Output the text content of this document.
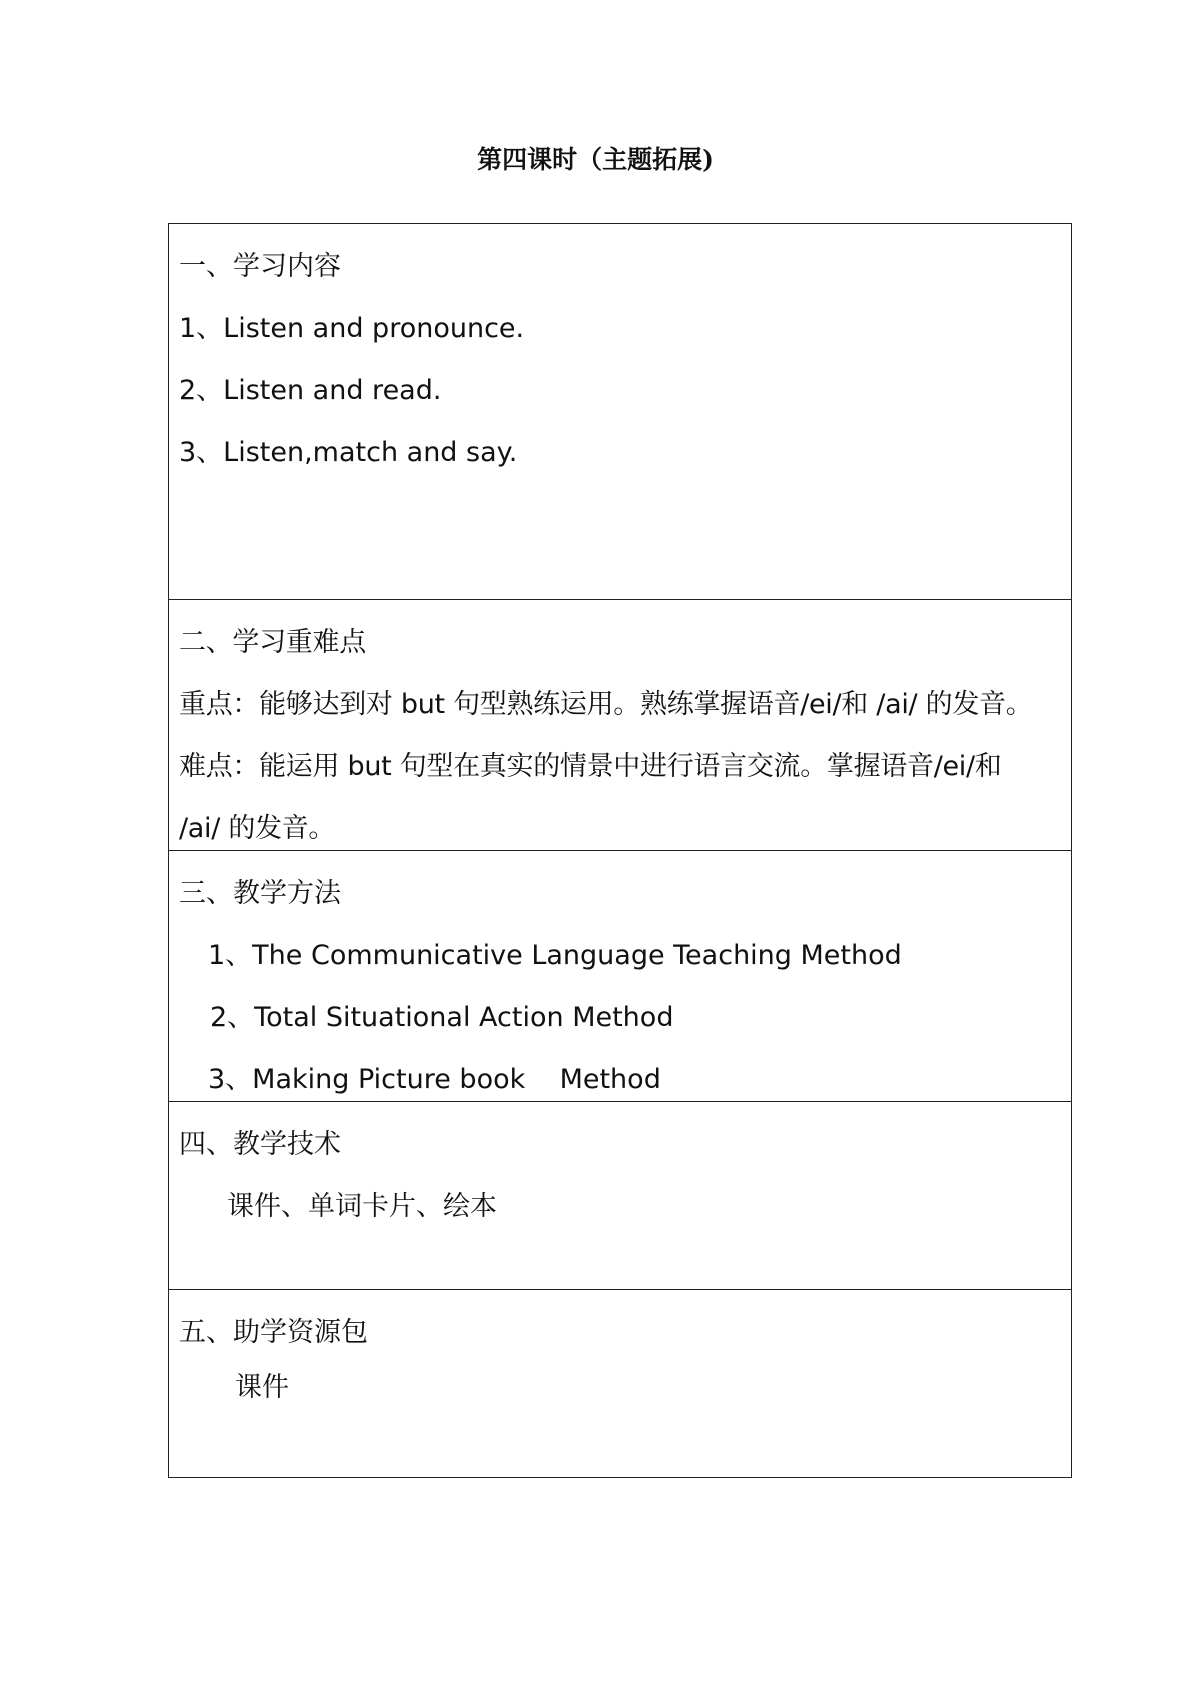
第四课时（主题拓展)
一、学习内容
1、Listen and pronounce.
2、Listen and read.
3、Listen,match and say.
二、学习重难点
重点：能够达到对 but 句型熟练运用。熟练掌握语音/ei/和 /ai/ 的发音。
难点：能运用 but 句型在真实的情景中进行语言交流。掌握语音/ei/和
/ai/ 的发音。
三、教学方法
1、The Communicative Language Teaching Method
2、Total Situational Action Method
3、Making Picture book    Method
四、教学技术
课件、单词卡片、绘本
五、助学资源包
课件
